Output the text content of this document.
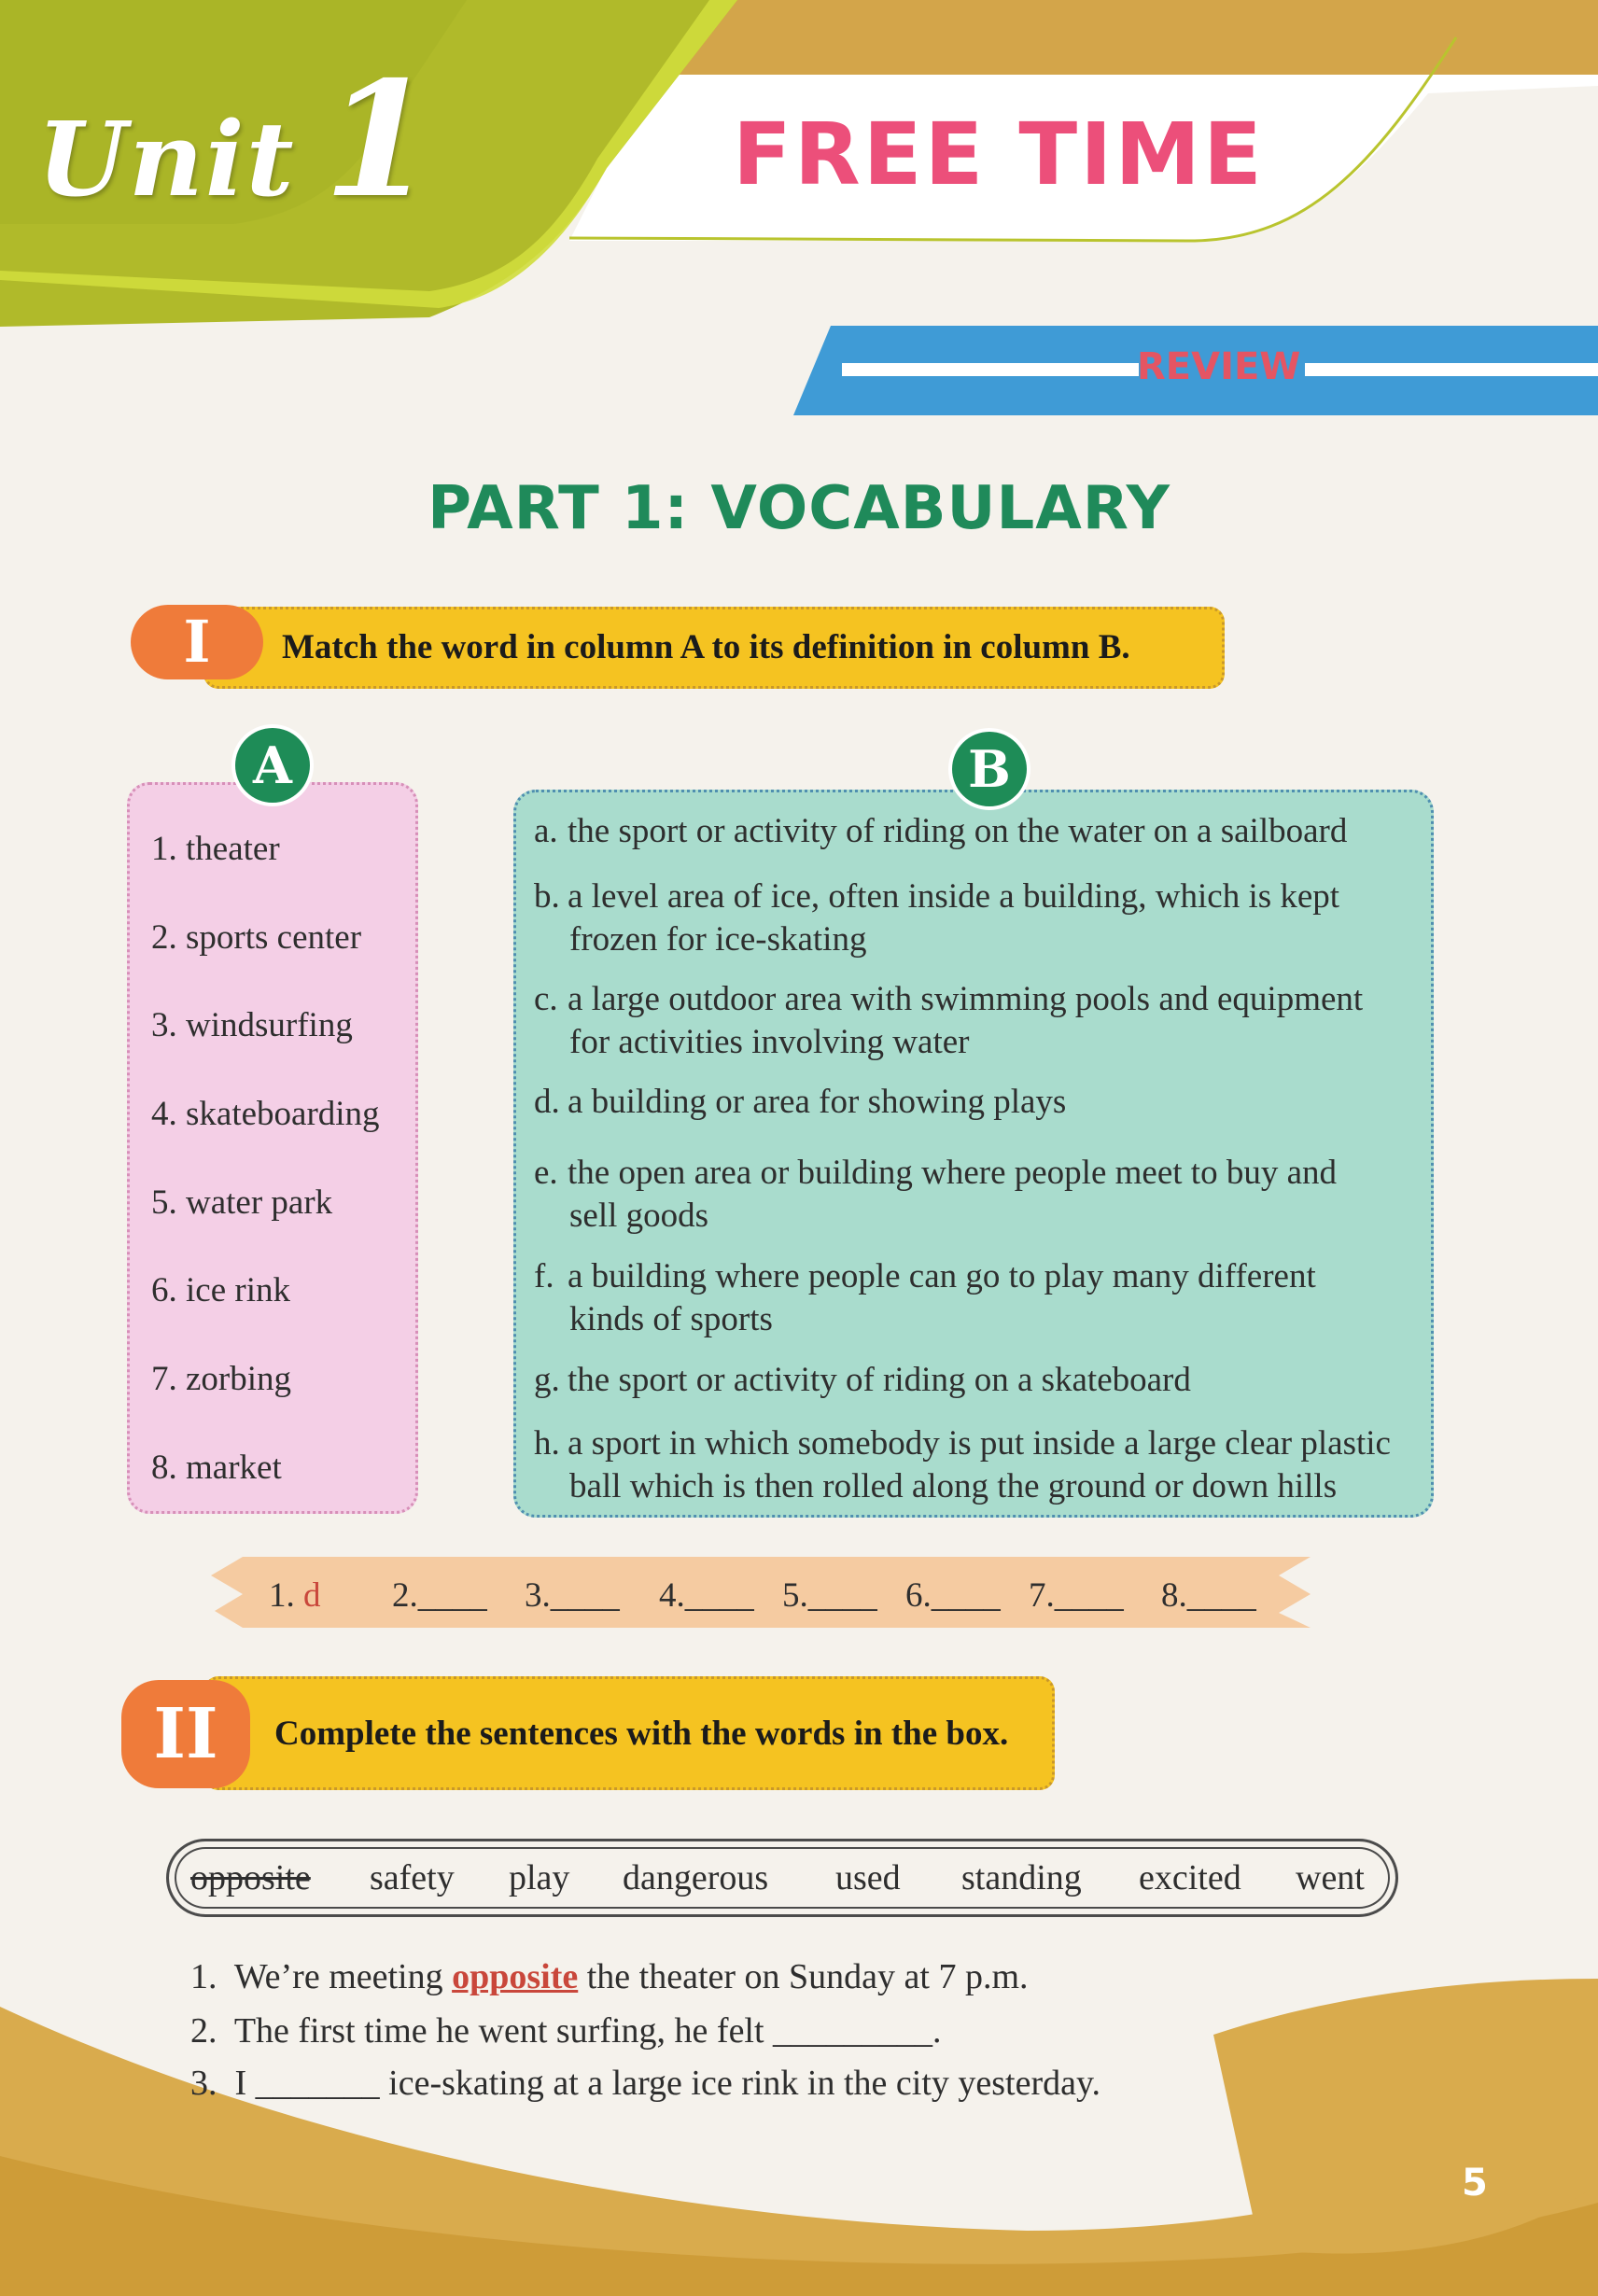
Unit 1	FREE TIME
REVIEW
PART 1: VOCABULARY
I	Match the word in column A to its definition in column B.
A
1. theater
2. sports center
3. windsurfing
4. skateboarding
5. water park
6. ice rink
7. zorbing
8. market
B
a. the sport or activity of riding on the water on a sailboard
b. a level area of ice, often inside a building, which is kept
frozen for ice-skating
c. a large outdoor area with swimming pools and equipment
for activities involving water
d. a building or area for showing plays
e. the open area or building where people meet to buy and
sell goods
f. a building where people can go to play many different
kinds of sports
g. the sport or activity of riding on a skateboard
h. a sport in which somebody is put inside a large clear plastic
ball which is then rolled along the ground or down hills
1. d 2.____ 3.____ 4.____ 5.____ 6.____ 7.____ 8.____
II	Complete the sentences with the words in the box.
opposite safety play dangerous used standing excited went
1. We’re meeting opposite the theater on Sunday at 7 p.m.
2. The first time he went surfing, he felt _________.
3. I _______ ice-skating at a large ice rink in the city yesterday.
5
